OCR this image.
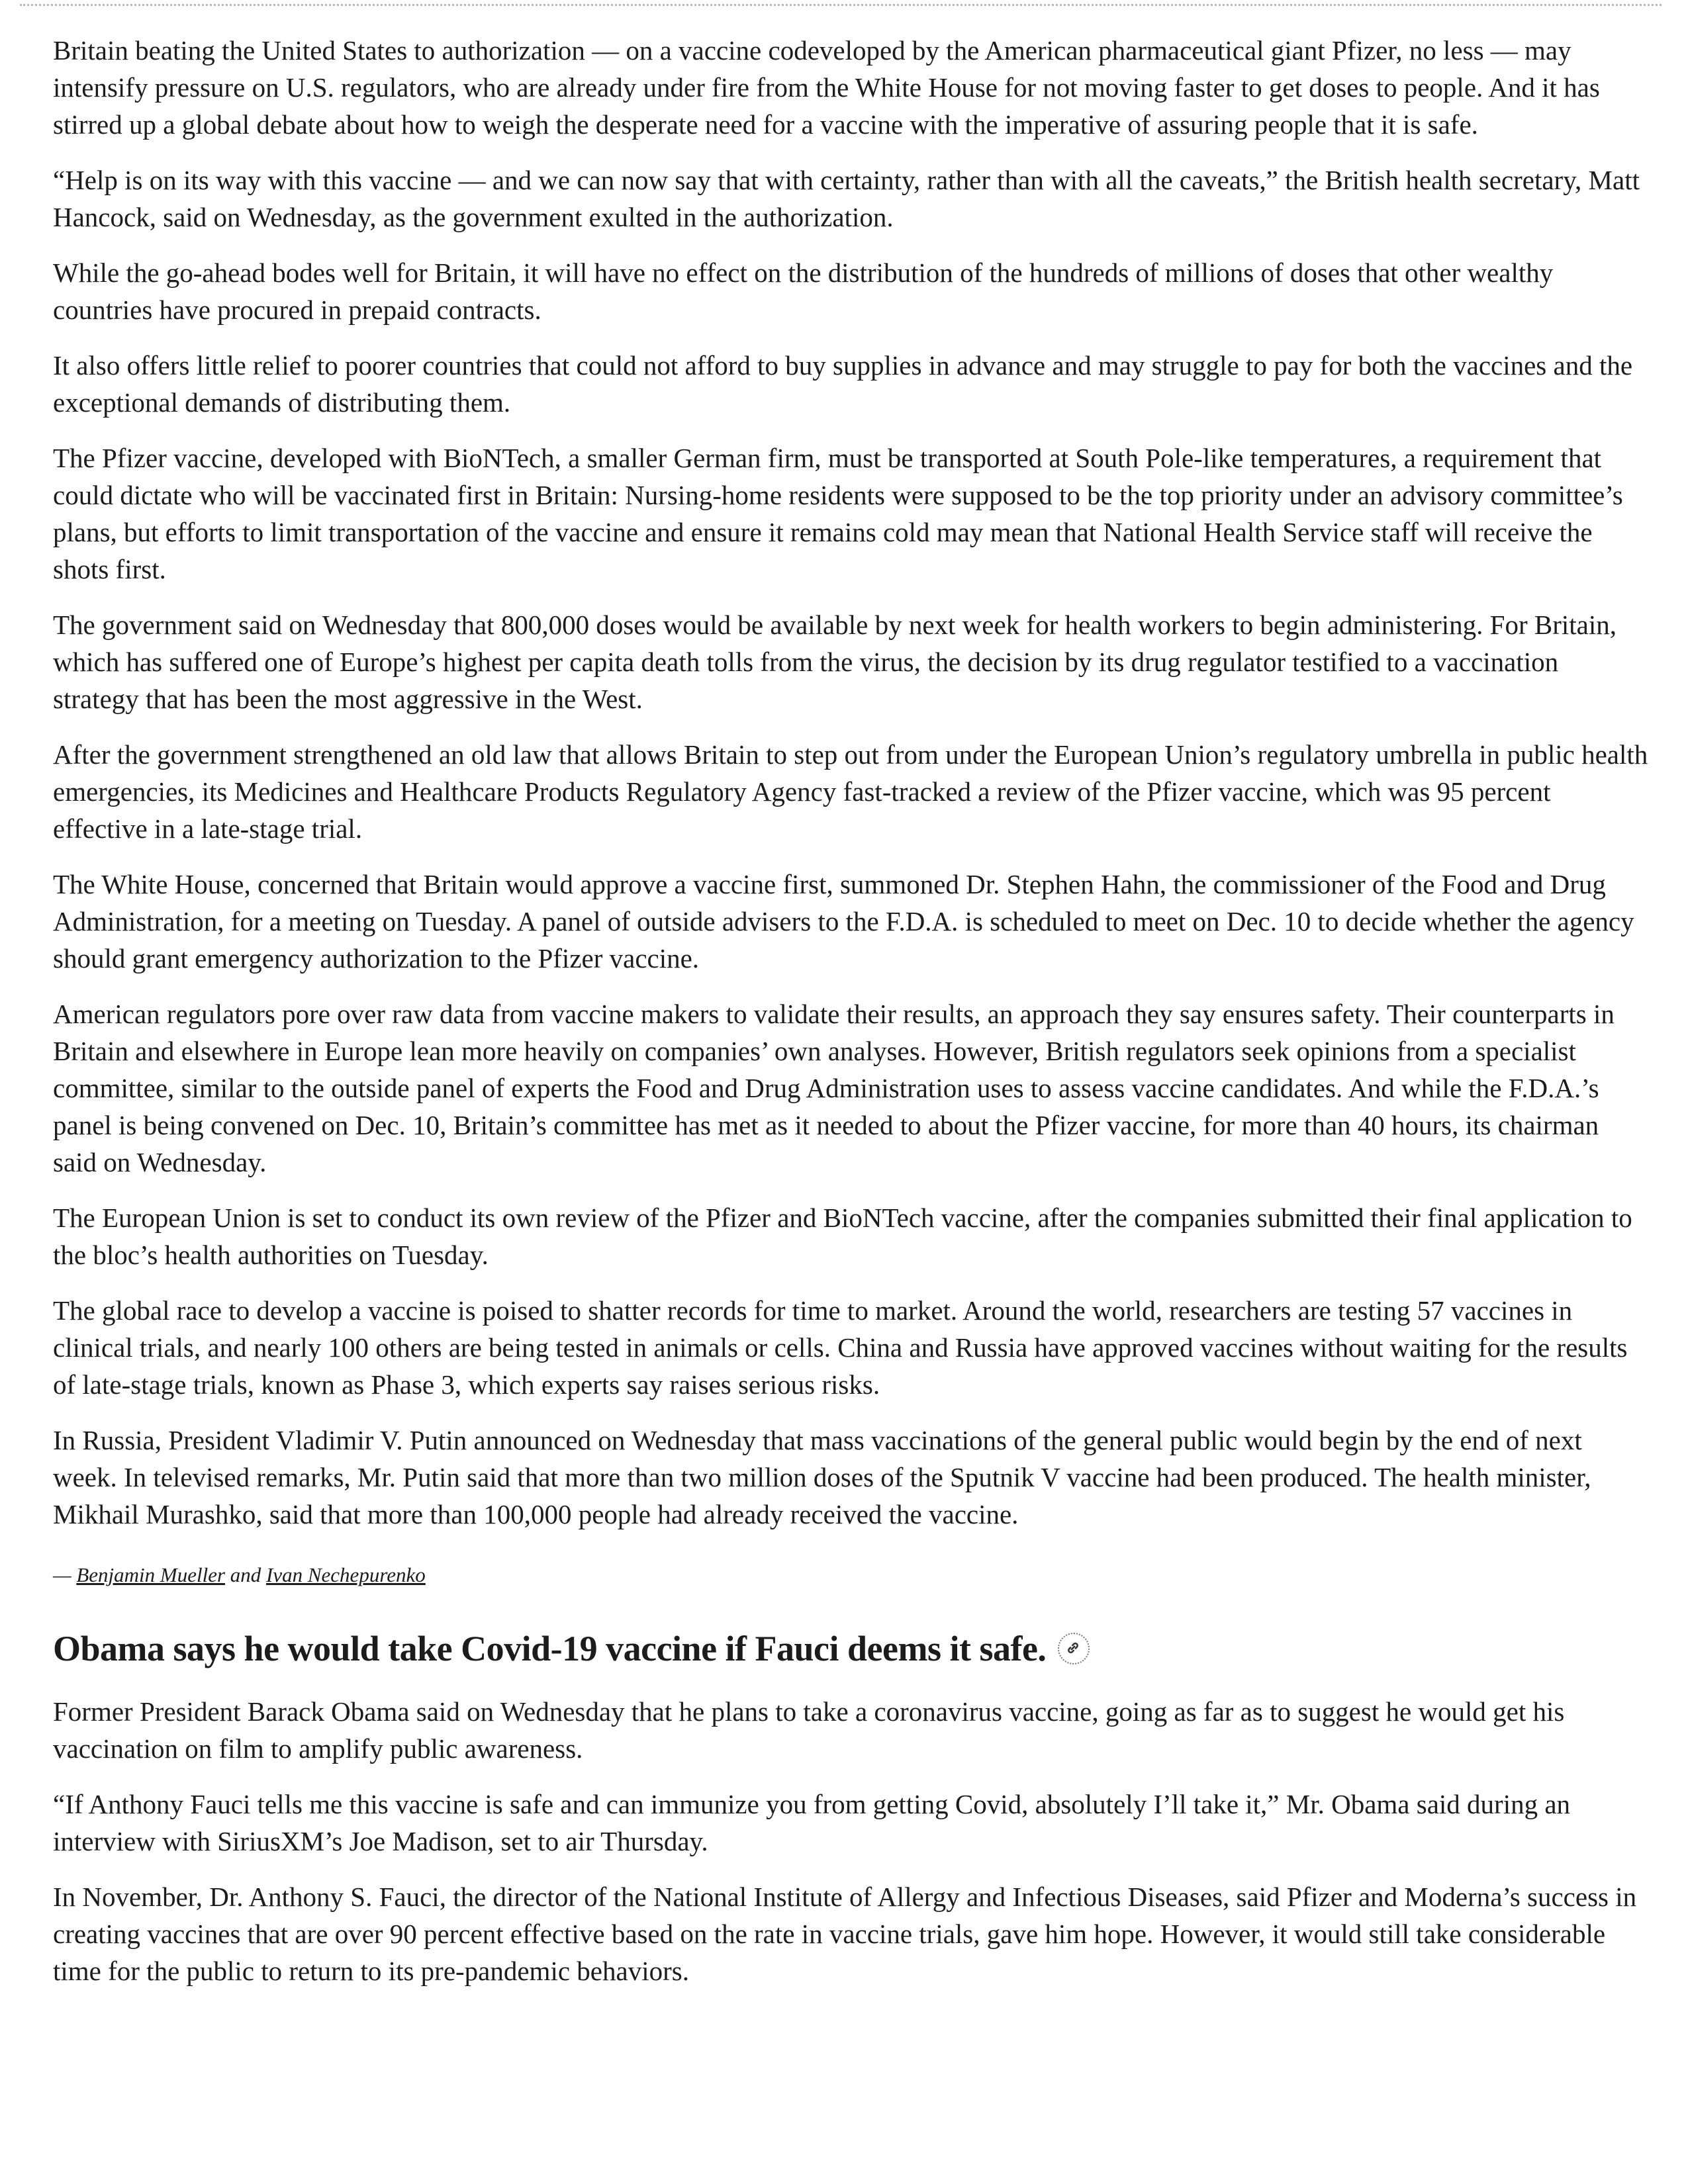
Britain beating the United States to authorization — on a vaccine codeveloped by the American pharmaceutical giant Pfizer, no less — may intensify pressure on U.S. regulators, who are already under fire from the White House for not moving faster to get doses to people. And it has stirred up a global debate about how to weigh the desperate need for a vaccine with the imperative of assuring people that it is safe.

“Help is on its way with this vaccine — and we can now say that with certainty, rather than with all the caveats,” the British health secretary, Matt Hancock, said on Wednesday, as the government exulted in the authorization.

While the go-ahead bodes well for Britain, it will have no effect on the distribution of the hundreds of millions of doses that other wealthy countries have procured in prepaid contracts.

It also offers little relief to poorer countries that could not afford to buy supplies in advance and may struggle to pay for both the vaccines and the exceptional demands of distributing them.

The Pfizer vaccine, developed with BioNTech, a smaller German firm, must be transported at South Pole-like temperatures, a requirement that could dictate who will be vaccinated first in Britain: Nursing-home residents were supposed to be the top priority under an advisory committee’s plans, but efforts to limit transportation of the vaccine and ensure it remains cold may mean that National Health Service staff will receive the shots first.

The government said on Wednesday that 800,000 doses would be available by next week for health workers to begin administering. For Britain, which has suffered one of Europe’s highest per capita death tolls from the virus, the decision by its drug regulator testified to a vaccination strategy that has been the most aggressive in the West.

After the government strengthened an old law that allows Britain to step out from under the European Union’s regulatory umbrella in public health emergencies, its Medicines and Healthcare Products Regulatory Agency fast-tracked a review of the Pfizer vaccine, which was 95 percent effective in a late-stage trial.

The White House, concerned that Britain would approve a vaccine first, summoned Dr. Stephen Hahn, the commissioner of the Food and Drug Administration, for a meeting on Tuesday. A panel of outside advisers to the F.D.A. is scheduled to meet on Dec. 10 to decide whether the agency should grant emergency authorization to the Pfizer vaccine.

American regulators pore over raw data from vaccine makers to validate their results, an approach they say ensures safety. Their counterparts in Britain and elsewhere in Europe lean more heavily on companies’ own analyses. However, British regulators seek opinions from a specialist committee, similar to the outside panel of experts the Food and Drug Administration uses to assess vaccine candidates. And while the F.D.A.’s panel is being convened on Dec. 10, Britain’s committee has met as it needed to about the Pfizer vaccine, for more than 40 hours, its chairman said on Wednesday.

The European Union is set to conduct its own review of the Pfizer and BioNTech vaccine, after the companies submitted their final application to the bloc’s health authorities on Tuesday.

The global race to develop a vaccine is poised to shatter records for time to market. Around the world, researchers are testing 57 vaccines in clinical trials, and nearly 100 others are being tested in animals or cells. China and Russia have approved vaccines without waiting for the results of late-stage trials, known as Phase 3, which experts say raises serious risks.

In Russia, President Vladimir V. Putin announced on Wednesday that mass vaccinations of the general public would begin by the end of next week. In televised remarks, Mr. Putin said that more than two million doses of the Sputnik V vaccine had been produced. The health minister, Mikhail Murashko, said that more than 100,000 people had already received the vaccine.

— Benjamin Mueller and Ivan Nechepurenko

Obama says he would take Covid-19 vaccine if Fauci deems it safe.

Former President Barack Obama said on Wednesday that he plans to take a coronavirus vaccine, going as far as to suggest he would get his vaccination on film to amplify public awareness.

“If Anthony Fauci tells me this vaccine is safe and can immunize you from getting Covid, absolutely I’ll take it,” Mr. Obama said during an interview with SiriusXM’s Joe Madison, set to air Thursday.

In November, Dr. Anthony S. Fauci, the director of the National Institute of Allergy and Infectious Diseases, said Pfizer and Moderna’s success in creating vaccines that are over 90 percent effective based on the rate in vaccine trials, gave him hope. However, it would still take considerable time for the public to return to its pre-pandemic behaviors.
